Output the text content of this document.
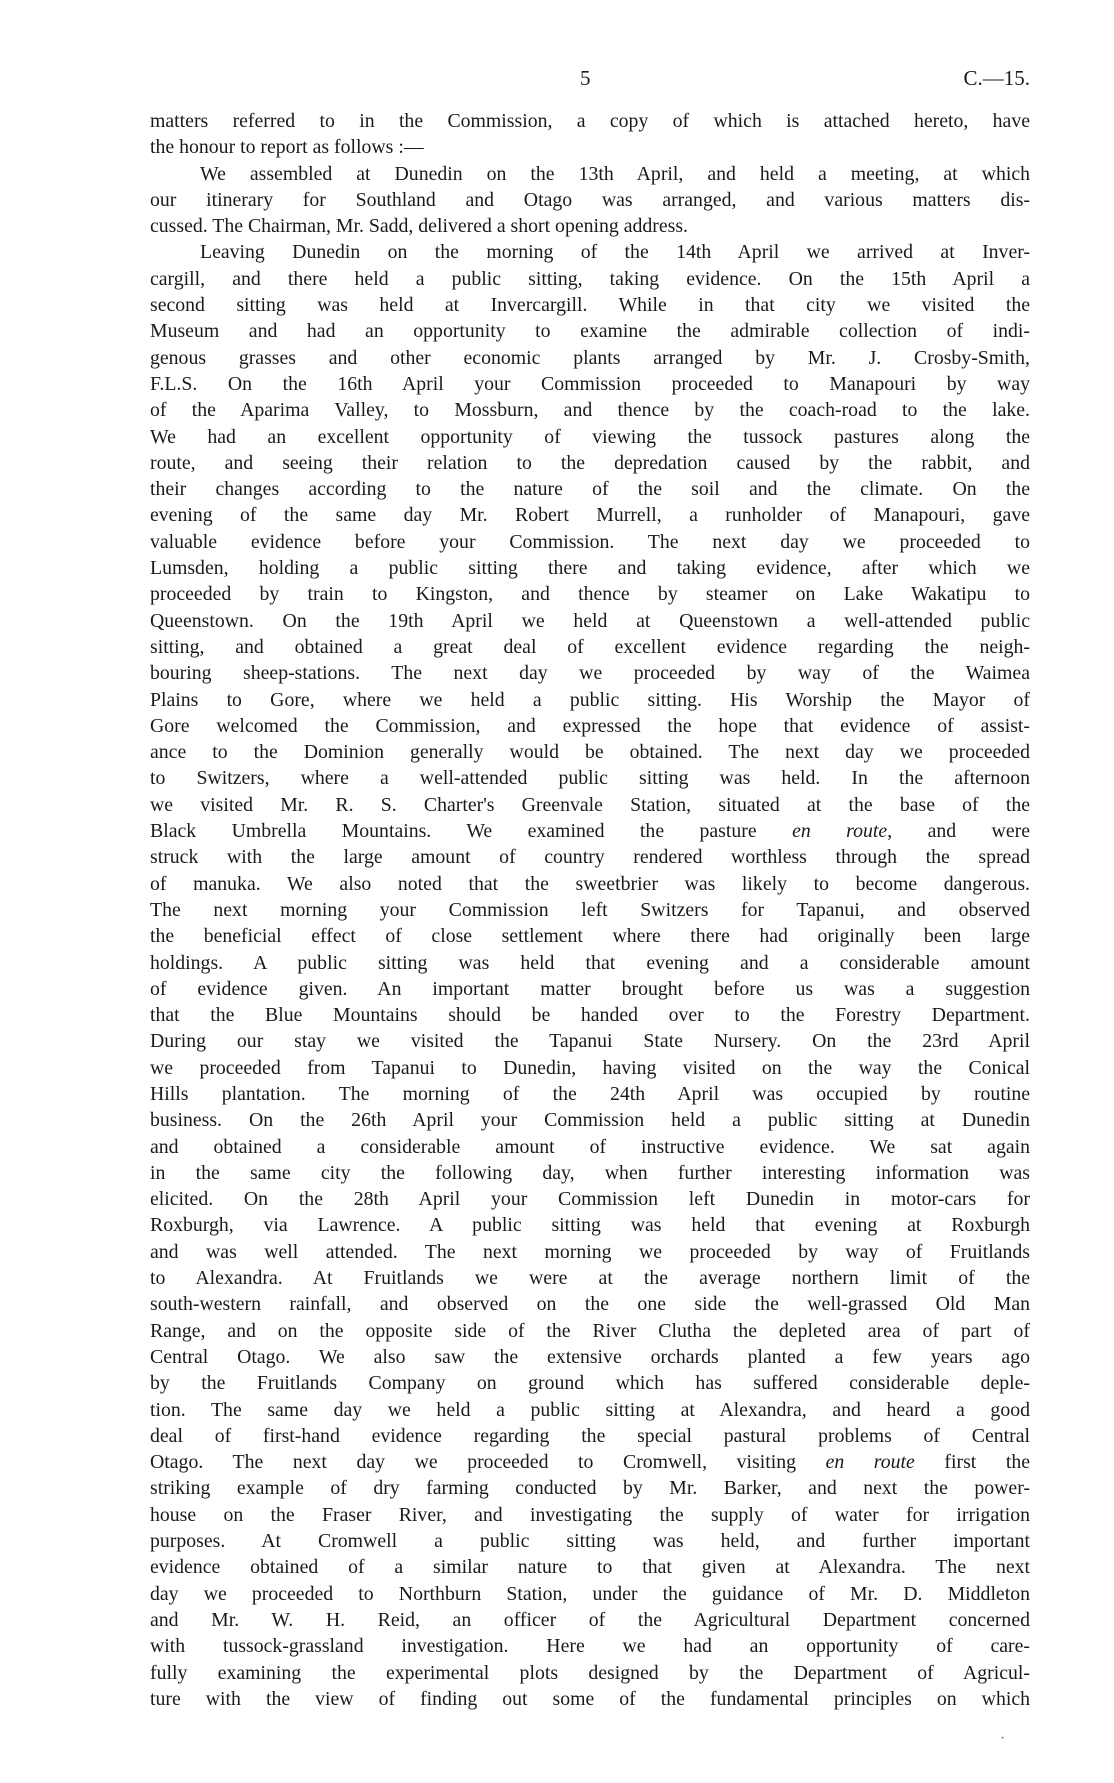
5	C.—15.

matters referred to in the Commission, a copy of which is attached hereto, have

the honour to report as follows :—

We assembled at Dunedin on the 13th April, and held a meeting, at which

our itinerary for Southland and Otago was arranged, and various matters dis-

cussed. The Chairman, Mr. Sadd, delivered a short opening address.

Leaving Dunedin on the morning of the 14th April we arrived at Inver-

cargill, and there held a public sitting, taking evidence. On the 15th April a

second sitting was held at Invercargill. While in that city we visited the

Museum and had an opportunity to examine the admirable collection of indi-

genous grasses and other economic plants arranged by Mr. J. Crosby-Smith,

F.L.S. On the 16th April your Commission proceeded to Manapouri by way

of the Aparima Valley, to Mossburn, and thence by the coach-road to the lake.

We had an excellent opportunity of viewing the tussock pastures along the

route, and seeing their relation to the depredation caused by the rabbit, and

their changes according to the nature of the soil and the climate. On the

evening of the same day Mr. Robert Murrell, a runholder of Manapouri, gave

valuable evidence before your Commission. The next day we proceeded to

Lumsden, holding a public sitting there and taking evidence, after which we

proceeded by train to Kingston, and thence by steamer on Lake Wakatipu to

Queenstown. On the 19th April we held at Queenstown a well-attended public

sitting, and obtained a great deal of excellent evidence regarding the neigh-

bouring sheep-stations. The next day we proceeded by way of the Waimea

Plains to Gore, where we held a public sitting. His Worship the Mayor of

Gore welcomed the Commission, and expressed the hope that evidence of assist-

ance to the Dominion generally would be obtained. The next day we proceeded

to Switzers, where a well-attended public sitting was held. In the afternoon

we visited Mr. R. S. Charter's Greenvale Station, situated at the base of the

Black Umbrella Mountains. We examined the pasture en route, and were

struck with the large amount of country rendered worthless through the spread

of manuka. We also noted that the sweetbrier was likely to become dangerous.

The next morning your Commission left Switzers for Tapanui, and observed

the beneficial effect of close settlement where there had originally been large

holdings. A public sitting was held that evening and a considerable amount

of evidence given. An important matter brought before us was a suggestion

that the Blue Mountains should be handed over to the Forestry Department.

During our stay we visited the Tapanui State Nursery. On the 23rd April

we proceeded from Tapanui to Dunedin, having visited on the way the Conical

Hills plantation. The morning of the 24th April was occupied by routine

business. On the 26th April your Commission held a public sitting at Dunedin

and obtained a considerable amount of instructive evidence. We sat again

in the same city the following day, when further interesting information was

elicited. On the 28th April your Commission left Dunedin in motor-cars for

Roxburgh, via Lawrence. A public sitting was held that evening at Roxburgh

and was well attended. The next morning we proceeded by way of Fruitlands

to Alexandra. At Fruitlands we were at the average northern limit of the

south-western rainfall, and observed on the one side the well-grassed Old Man

Range, and on the opposite side of the River Clutha the depleted area of part of

Central Otago. We also saw the extensive orchards planted a few years ago

by the Fruitlands Company on ground which has suffered considerable deple-

tion. The same day we held a public sitting at Alexandra, and heard a good

deal of first-hand evidence regarding the special pastural problems of Central

Otago. The next day we proceeded to Cromwell, visiting en route first the

striking example of dry farming conducted by Mr. Barker, and next the power-

house on the Fraser River, and investigating the supply of water for irrigation

purposes. At Cromwell a public sitting was held, and further important

evidence obtained of a similar nature to that given at Alexandra. The next

day we proceeded to Northburn Station, under the guidance of Mr. D. Middleton

and Mr. W. H. Reid, an officer of the Agricultural Department concerned

with tussock-grassland investigation. Here we had an opportunity of care-

fully examining the experimental plots designed by the Department of Agricul-

ture with the view of finding out some of the fundamental principles on which

·
